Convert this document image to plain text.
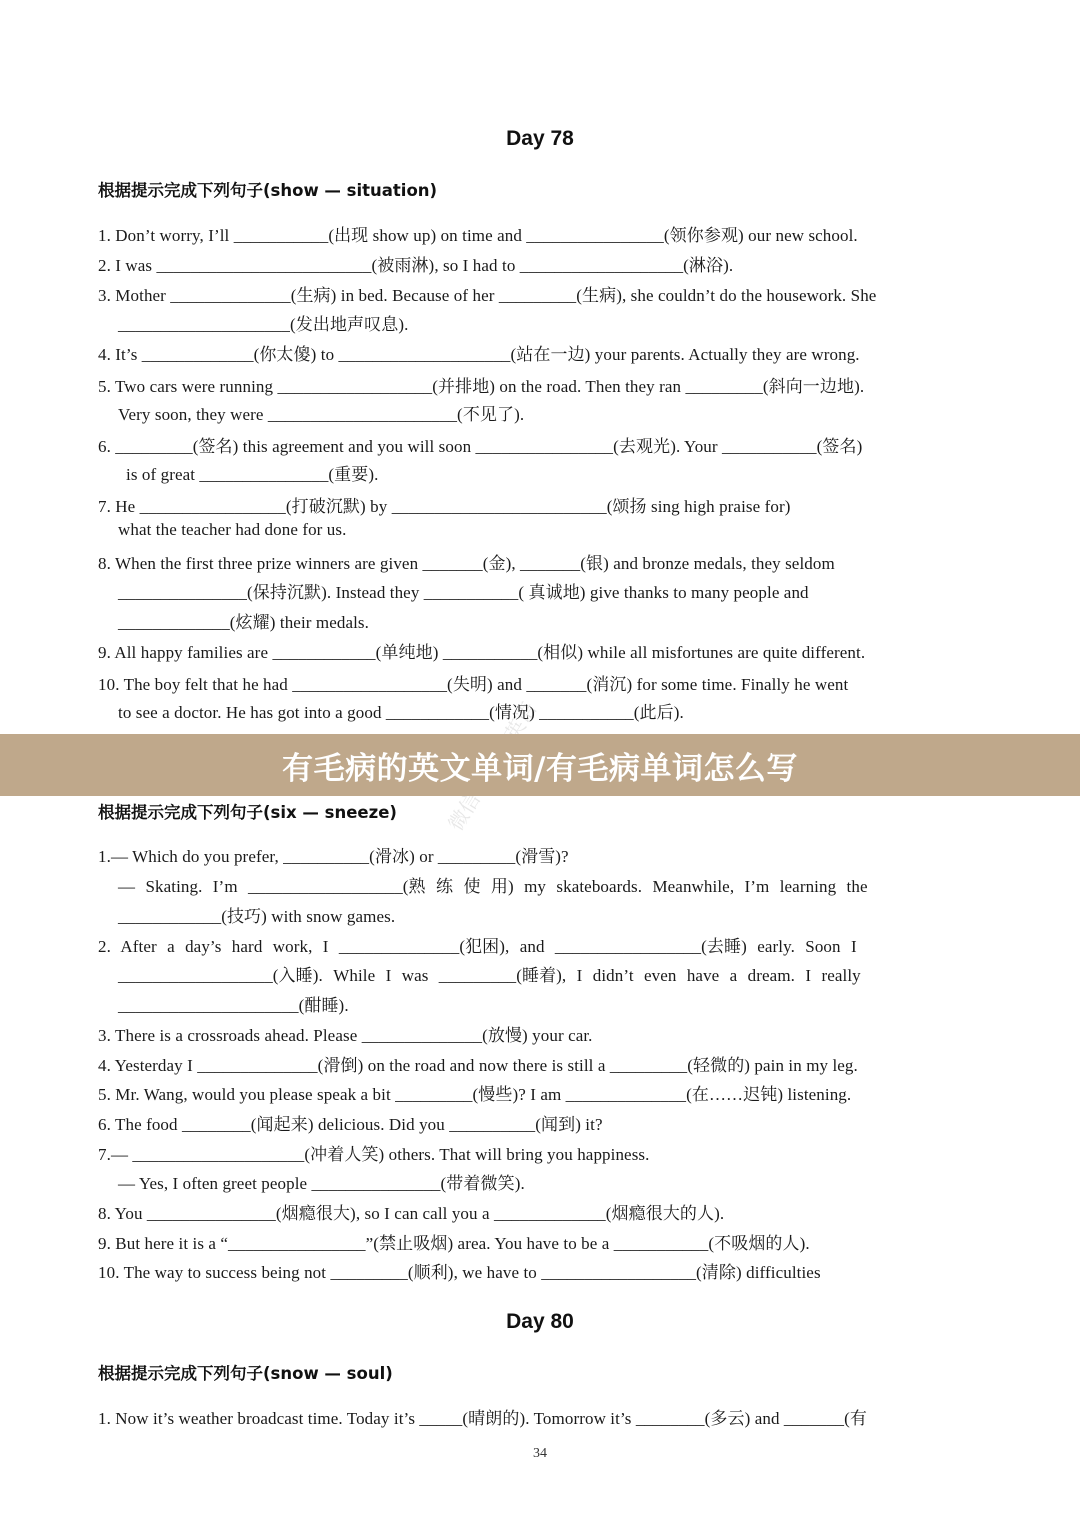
Day 78
根据提示完成下列句子(show — situation)
1. Don’t worry, I’ll ___________(出现 show up) on time and ________________(领你参观) our new school.
2. I was _________________________(被雨淋), so I had to ___________________(淋浴).
3. Mother ______________(生病) in bed. Because of her _________(生病), she couldn’t do the housework. She
____________________(发出地声叹息).
4. It’s _____________(你太傻) to ____________________(站在一边) your parents. Actually they are wrong.
5. Two cars were running __________________(并排地) on the road. Then they ran _________(斜向一边地).
Very soon, they were ______________________(不见了).
6. _________(签名) this agreement and you will soon ________________(去观光). Your ___________(签名)
is of great _______________(重要).
7. He _________________(打破沉默) by _________________________(颂扬 sing high praise for)
what the teacher had done for us.
8. When the first three prize winners are given _______(金), _______(银) and bronze medals, they seldom
_______________(保持沉默). Instead they ___________( 真诚地) give thanks to many people and
_____________(炫耀) their medals.
9. All happy families are ____________(单纯地) ___________(相似) while all misfortunes are quite different.
10. The boy felt that he had __________________(失明) and _______(消沉) for some time. Finally he went
to see a doctor. He has got into a good ____________(情况) ___________(此后).
根据提示完成下列句子(six — sneeze)
1.— Which do you prefer, __________(滑冰) or _________(滑雪)?
— Skating. I’m __________________(熟 练 使 用) my skateboards. Meanwhile, I’m learning the
____________(技巧) with snow games.
2. After a day’s hard work, I ______________(犯困), and _________________(去睡) early. Soon I
__________________(入睡). While I was _________(睡着), I didn’t even have a dream. I really
_____________________(酣睡).
3. There is a crossroads ahead. Please ______________(放慢) your car.
4. Yesterday I ______________(滑倒) on the road and now there is still a _________(轻微的) pain in my leg.
5. Mr. Wang, would you please speak a bit _________(慢些)? I am ______________(在……迟钝) listening.
6. The food ________(闻起来) delicious. Did you __________(闻到) it?
7.— ____________________(冲着人笑) others. That will bring you happiness.
— Yes, I often greet people _______________(带着微笑).
8. You _______________(烟瘾很大), so I can call you a _____________(烟瘾很大的人).
9. But here it is a “________________”(禁止吸烟) area. You have to be a ___________(不吸烟的人).
10. The way to success being not _________(顺利), we have to __________________(清除) difficulties
Day 80
根据提示完成下列句子(snow — soul)
1. Now it’s weather broadcast time. Today it’s _____(晴朗的). Tomorrow it’s ________(多云) and _______(有
34
有毛病的英文单词/有毛病单词怎么写
